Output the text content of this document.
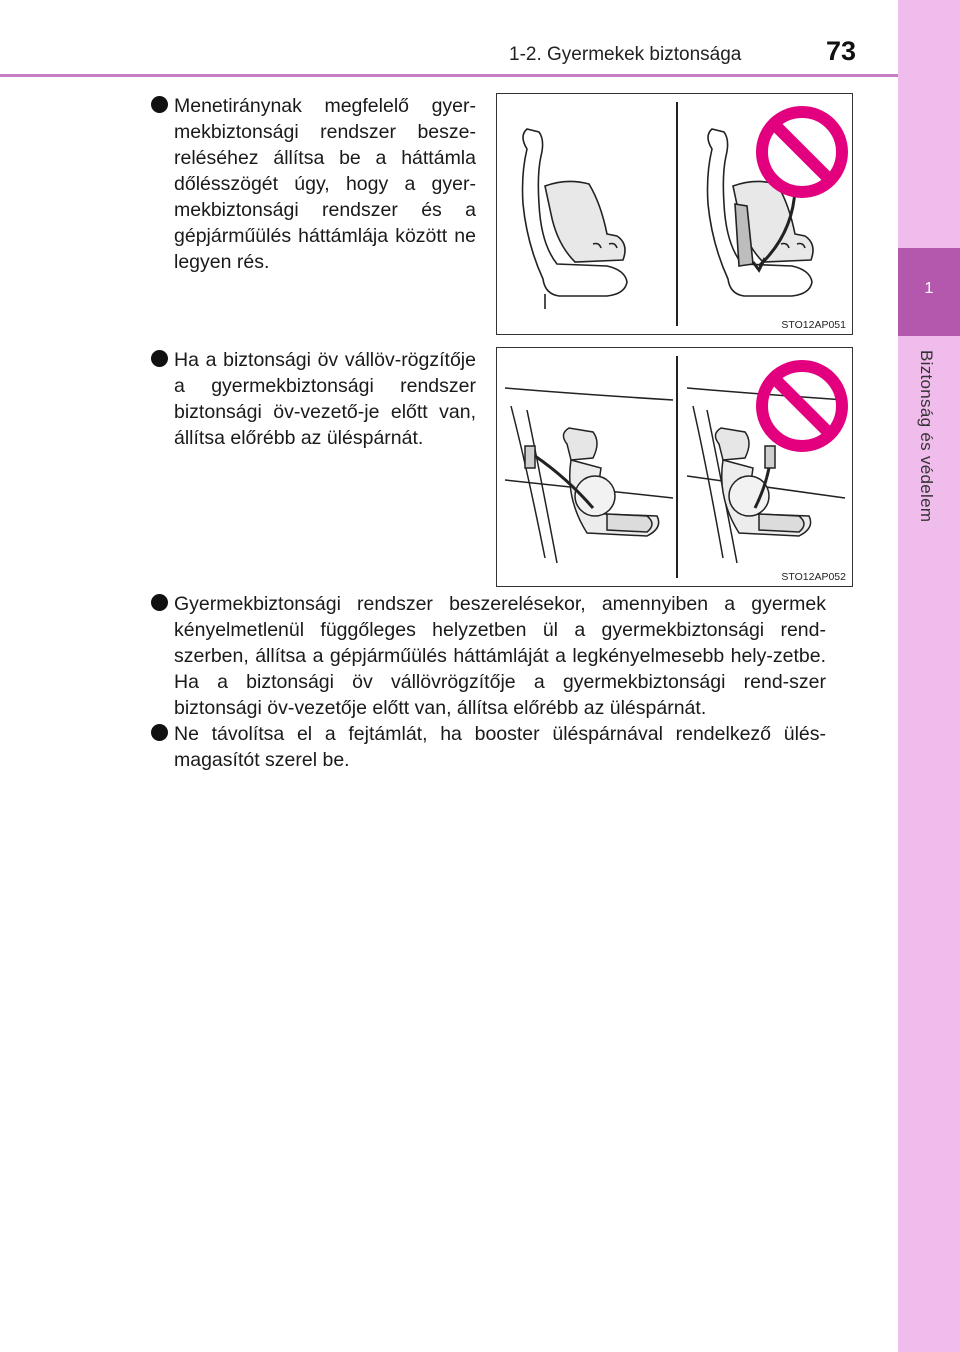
1
Biztonság és védelem
1-2. Gyermekek biztonsága	73
Menetiránynak megfelelő gyer-mekbiztonsági rendszer besze-reléséhez állítsa be a háttámla dőlésszögét úgy, hogy a gyer-mekbiztonsági rendszer és a gépjárműülés háttámlája között ne legyen rés.
STO12AP051
Ha a biztonsági öv vállöv-rögzítője a gyermekbiztonsági rendszer biztonsági öv-vezető-je előtt van, állítsa előrébb az üléspárnát.
STO12AP052
Gyermekbiztonsági rendszer beszerelésekor, amennyiben a gyermek kényelmetlenül függőleges helyzetben ül a gyermekbiztonsági rend-szerben, állítsa a gépjárműülés háttámláját a legkényelmesebb hely-zetbe. Ha a biztonsági öv vállövrögzítője a gyermekbiztonsági rend-szer biztonsági öv-vezetője előtt van, állítsa előrébb az üléspárnát.
Ne távolítsa el a fejtámlát, ha booster üléspárnával rendelkező ülés-magasítót szerel be.
